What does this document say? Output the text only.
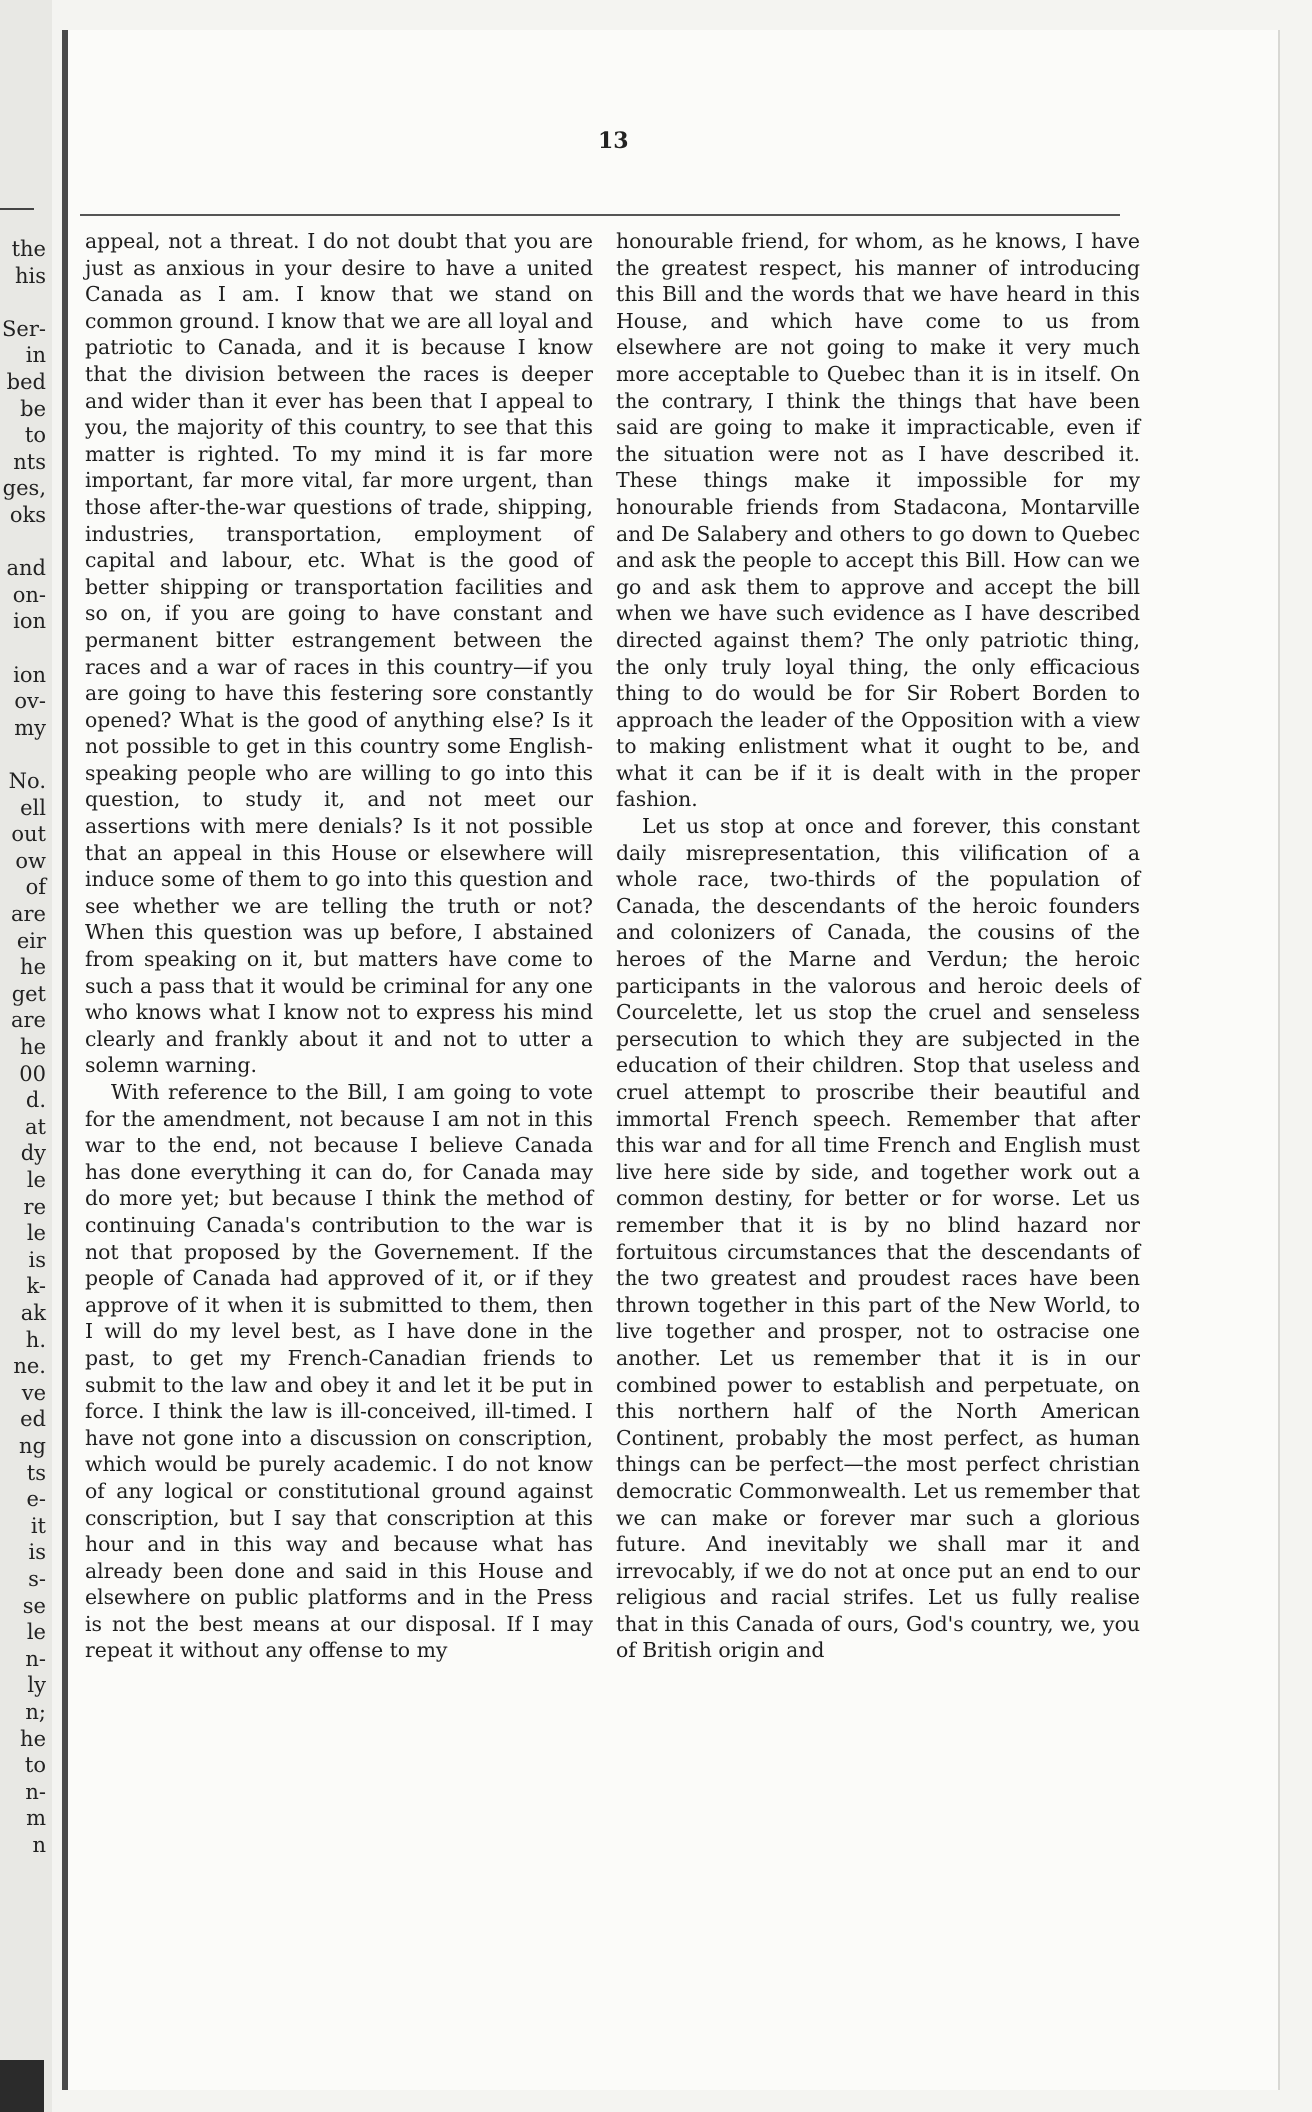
the
his
Ser-
in
bed
be
to
nts
ges,
oks
and
on-
ion
ion
ov-
my
No.
ell
out
ow
of
are
eir
he
get
are
he
00
d.
at
dy
le
re
le
is
k-
ak
h.
ne.
ve
ed
ng
ts
e-
it
is
s-
se
le
n-
ly
n;
he
to
n-
m
n
13

appeal, not a threat. I do not doubt that you are just as anxious in your desire to have a united Canada as I am. I know that we stand on common ground. I know that we are all loyal and patriotic to Canada, and it is because I know that the division between the races is deeper and wider than it ever has been that I appeal to you, the majority of this country, to see that this matter is righted. To my mind it is far more important, far more vital, far more urgent, than those after-the-war questions of trade, shipping, industries, transportation, employment of capital and labour, etc. What is the good of better shipping or transportation facilities and so on, if you are going to have constant and permanent bitter estrangement between the races and a war of races in this country—if you are going to have this festering sore constantly opened? What is the good of anything else? Is it not possible to get in this country some English-speaking people who are willing to go into this question, to study it, and not meet our assertions with mere denials? Is it not possible that an appeal in this House or elsewhere will induce some of them to go into this question and see whether we are telling the truth or not? When this question was up before, I abstained from speaking on it, but matters have come to such a pass that it would be criminal for any one who knows what I know not to express his mind clearly and frankly about it and not to utter a solemn warning.

With reference to the Bill, I am going to vote for the amendment, not because I am not in this war to the end, not because I believe Canada has done everything it can do, for Canada may do more yet; but because I think the method of continuing Canada's contribution to the war is not that proposed by the Governement. If the people of Canada had approved of it, or if they approve of it when it is submitted to them, then I will do my level best, as I have done in the past, to get my French-Canadian friends to submit to the law and obey it and let it be put in force. I think the law is ill-conceived, ill-timed. I have not gone into a discussion on conscription, which would be purely academic. I do not know of any logical or constitutional ground against conscription, but I say that conscription at this hour and in this way and because what has already been done and said in this House and elsewhere on public platforms and in the Press is not the best means at our disposal. If I may repeat it without any offense to my

honourable friend, for whom, as he knows, I have the greatest respect, his manner of introducing this Bill and the words that we have heard in this House, and which have come to us from elsewhere are not going to make it very much more acceptable to Quebec than it is in itself. On the contrary, I think the things that have been said are going to make it impracticable, even if the situation were not as I have described it. These things make it impossible for my honourable friends from Stadacona, Montarville and De Salabery and others to go down to Quebec and ask the people to accept this Bill. How can we go and ask them to approve and accept the bill when we have such evidence as I have described directed against them? The only patriotic thing, the only truly loyal thing, the only efficacious thing to do would be for Sir Robert Borden to approach the leader of the Opposition with a view to making enlistment what it ought to be, and what it can be if it is dealt with in the proper fashion.

Let us stop at once and forever, this constant daily misrepresentation, this vilification of a whole race, two-thirds of the population of Canada, the descendants of the heroic founders and colonizers of Canada, the cousins of the heroes of the Marne and Verdun; the heroic participants in the valorous and heroic deels of Courcelette, let us stop the cruel and senseless persecution to which they are subjected in the education of their children. Stop that useless and cruel attempt to proscribe their beautiful and immortal French speech. Remember that after this war and for all time French and English must live here side by side, and together work out a common destiny, for better or for worse. Let us remember that it is by no blind hazard nor fortuitous circumstances that the descendants of the two greatest and proudest races have been thrown together in this part of the New World, to live together and prosper, not to ostracise one another. Let us remember that it is in our combined power to establish and perpetuate, on this northern half of the North American Continent, probably the most perfect, as human things can be perfect—the most perfect christian democratic Commonwealth. Let us remember that we can make or forever mar such a glorious future. And inevitably we shall mar it and irrevocably, if we do not at once put an end to our religious and racial strifes. Let us fully realise that in this Canada of ours, God's country, we, you of British origin and
